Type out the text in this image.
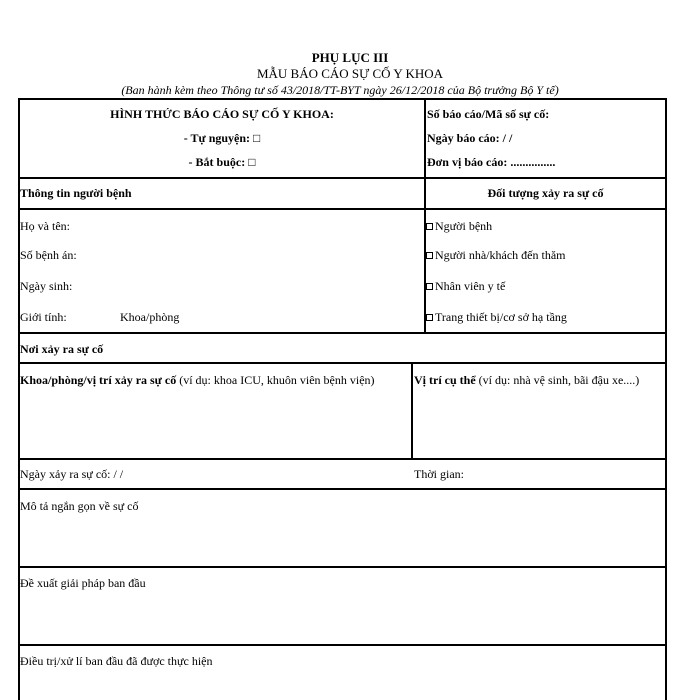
PHỤ LỤC III
MẪU BÁO CÁO SỰ CỐ Y KHOA
(Ban hành kèm theo Thông tư số 43/2018/TT-BYT ngày 26/12/2018 của Bộ trưởng Bộ Y tế)
HÌNH THỨC BÁO CÁO SỰ CỐ Y KHOA:
- Tự nguyện: □
- Bắt buộc: □
Số báo cáo/Mã số sự cố:
Ngày báo cáo: / /
Đơn vị báo cáo: ...............
Thông tin người bệnh	Đối tượng xảy ra sự cố
Họ và tên:
Số bệnh án:
Ngày sinh:
Giới tính:	Khoa/phòng
Người bệnh
Người nhà/khách đến thăm
Nhân viên y tế
Trang thiết bị/cơ sở hạ tầng
Nơi xảy ra sự cố
Khoa/phòng/vị trí xảy ra sự cố (ví dụ: khoa ICU, khuôn viên bệnh viện)	Vị trí cụ thể (ví dụ: nhà vệ sinh, bãi đậu xe....)
Ngày xảy ra sự cố: / /	Thời gian:
Mô tả ngắn gọn về sự cố
Đề xuất giải pháp ban đầu
Điều trị/xử lí ban đầu đã được thực hiện
